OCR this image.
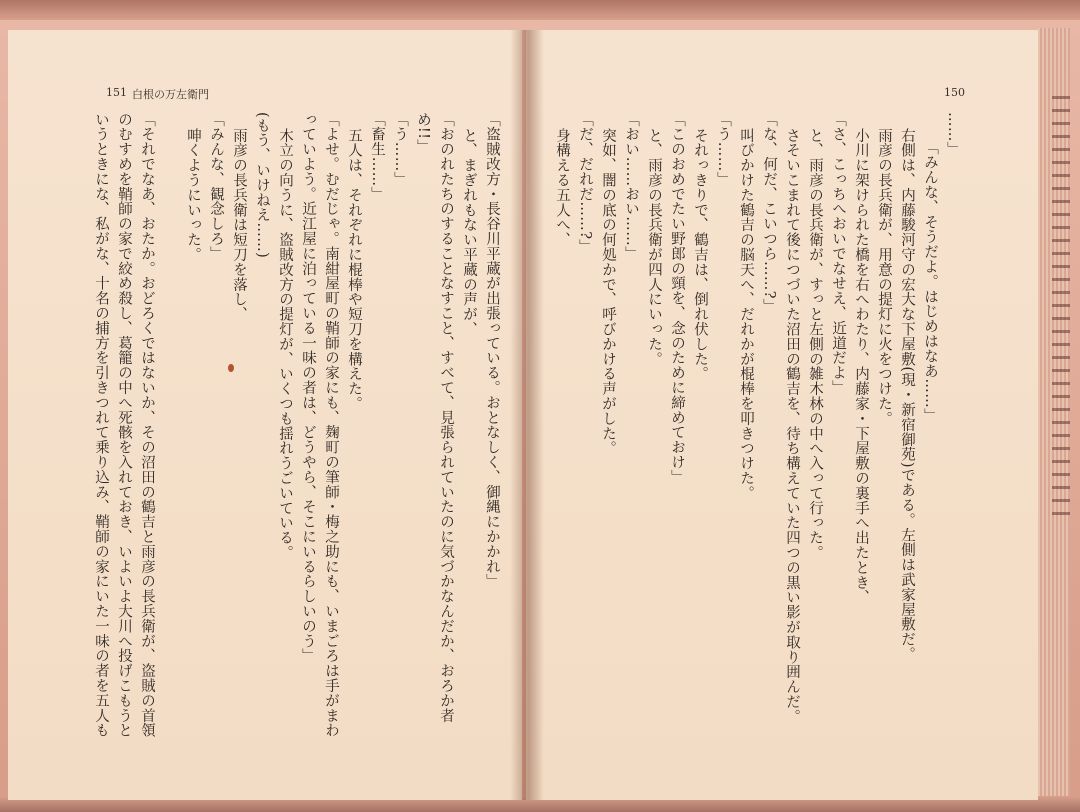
151 白根の万左衛門	150
……」
「みんな、そうだよ。はじめはなあ……」
右側は、内藤駿河守の宏大な下屋敷(現・新宿御苑)である。左側は武家屋敷だ。
雨彦の長兵衛が、用意の提灯に火をつけた。
小川に架けられた橋を右へわたり、内藤家・下屋敷の裏手へ出たとき、
「さ、こっちへおいでなせえ、近道だよ」
と、雨彦の長兵衛が、すっと左側の雑木林の中へ入って行った。
さそいこまれて後につづいた沼田の鶴吉を、待ち構えていた四つの黒い影が取り囲んだ。
「な、何だ、こいつら……?」
叫びかけた鶴吉の脳天へ、だれかが棍棒を叩きつけた。
「う……」
それっきりで、鶴吉は、倒れ伏した。
「このおめでたい野郎の頸を、念のために締めておけ」
と、雨彦の長兵衛が四人にいった。
「おい……おい……」
突如、闇の底の何処かで、呼びかける声がした。
「だ、だれだ……?」
身構える五人へ、
「盗賊改方・長谷川平蔵が出張っている。おとなしく、御縄にかかれ」
と、まぎれもない平蔵の声が、
「おのれたちのすることなすこと、すべて、見張られていたのに気づかなんだか、おろか者
め!!」
「う……」
「畜生……」
五人は、それぞれに棍棒や短刀を構えた。
「よせ。むだじゃ。南紺屋町の鞘師の家にも、麹町の筆師・梅之助にも、いまごろは手がまわ
っていよう。近江屋に泊っている一味の者は、どうやら、そこにいるらしいのう」
木立の向うに、盗賊改方の提灯が、いくつも揺れうごいている。
(もう、いけねえ……)
雨彦の長兵衛は短刀を落し、
「みんな、観念しろ」
呻くようにいった。
「それでなあ、おたか。おどろくではないか、その沼田の鶴吉と雨彦の長兵衛が、盗賊の首領
のむすめを鞘師の家で絞め殺し、葛籠の中へ死骸を入れておき、いよいよ大川へ投げこもうと
いうときにな、私がな、十名の捕方を引きつれて乗り込み、鞘師の家にいた一味の者を五人も
